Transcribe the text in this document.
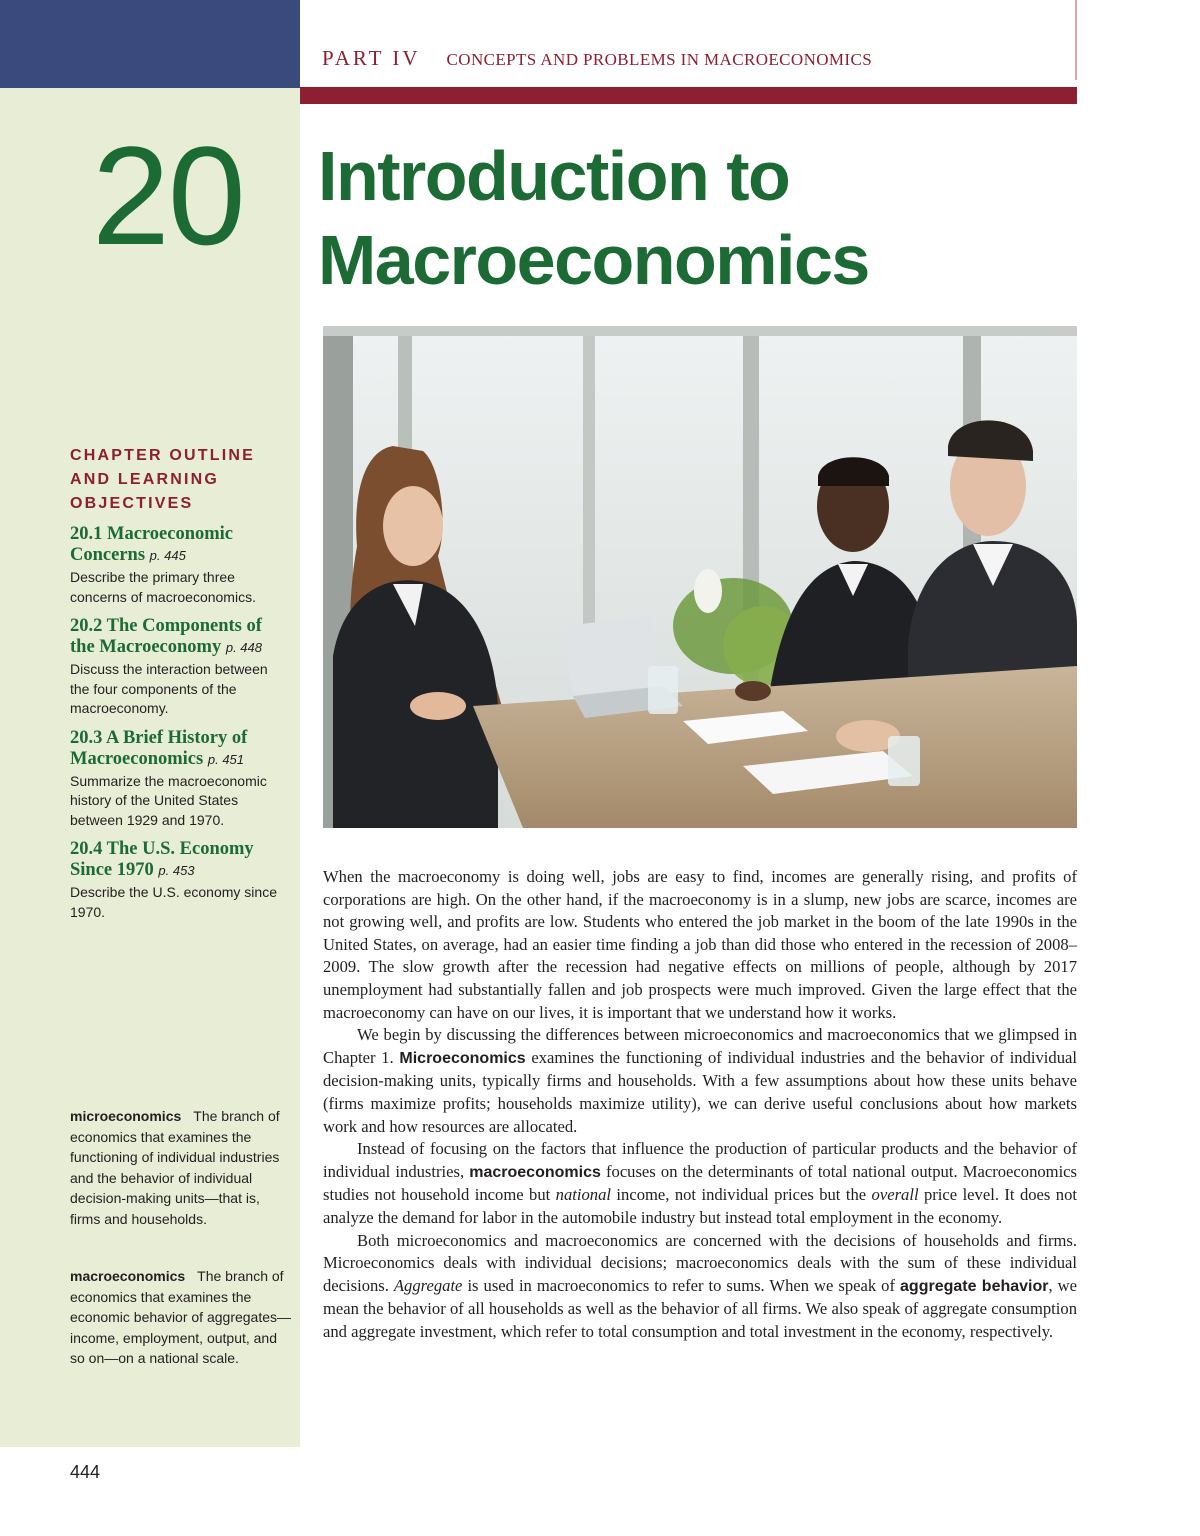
PART IV CONCEPTS AND PROBLEMS IN MACROECONOMICS
20 Introduction to
Macroeconomics
CHAPTER OUTLINE AND LEARNING OBJECTIVES
20.1 Macroeconomic Concerns p. 445
Describe the primary three concerns of macroeconomics.
20.2 The Components of the Macroeconomy p. 448
Discuss the interaction between the four components of the macroeconomy.
20.3 A Brief History of Macroeconomics p. 451
Summarize the macroeconomic history of the United States between 1929 and 1970.
20.4 The U.S. Economy Since 1970 p. 453
Describe the U.S. economy since 1970.
microeconomics The branch of economics that examines the functioning of individual industries and the behavior of individual decision-making units—that is, firms and households.
macroeconomics The branch of economics that examines the economic behavior of aggregates—income, employment, output, and so on—on a national scale.

When the macroeconomy is doing well, jobs are easy to find, incomes are generally rising, and profits of corporations are high. On the other hand, if the macroeconomy is in a slump, new jobs are scarce, incomes are not growing well, and profits are low. Students who entered the job market in the boom of the late 1990s in the United States, on average, had an easier time finding a job than did those who entered in the recession of 2008–2009. The slow growth after the recession had negative effects on millions of people, although by 2017 unemployment had substantially fallen and job prospects were much improved. Given the large effect that the macroeconomy can have on our lives, it is important that we understand how it works.

We begin by discussing the differences between microeconomics and macroeconomics that we glimpsed in Chapter 1. Microeconomics examines the functioning of individual industries and the behavior of individual decision-making units, typically firms and households. With a few assumptions about how these units behave (firms maximize profits; households maximize utility), we can derive useful conclusions about how markets work and how resources are allocated.

Instead of focusing on the factors that influence the production of particular products and the behavior of individual industries, macroeconomics focuses on the determinants of total national output. Macroeconomics studies not household income but national income, not individual prices but the overall price level. It does not analyze the demand for labor in the automobile industry but instead total employment in the economy.

Both microeconomics and macroeconomics are concerned with the decisions of households and firms. Microeconomics deals with individual decisions; macroeconomics deals with the sum of these individual decisions. Aggregate is used in macroeconomics to refer to sums. When we speak of aggregate behavior, we mean the behavior of all households as well as the behavior of all firms. We also speak of aggregate consumption and aggregate investment, which refer to total consumption and total investment in the economy, respectively.

444
